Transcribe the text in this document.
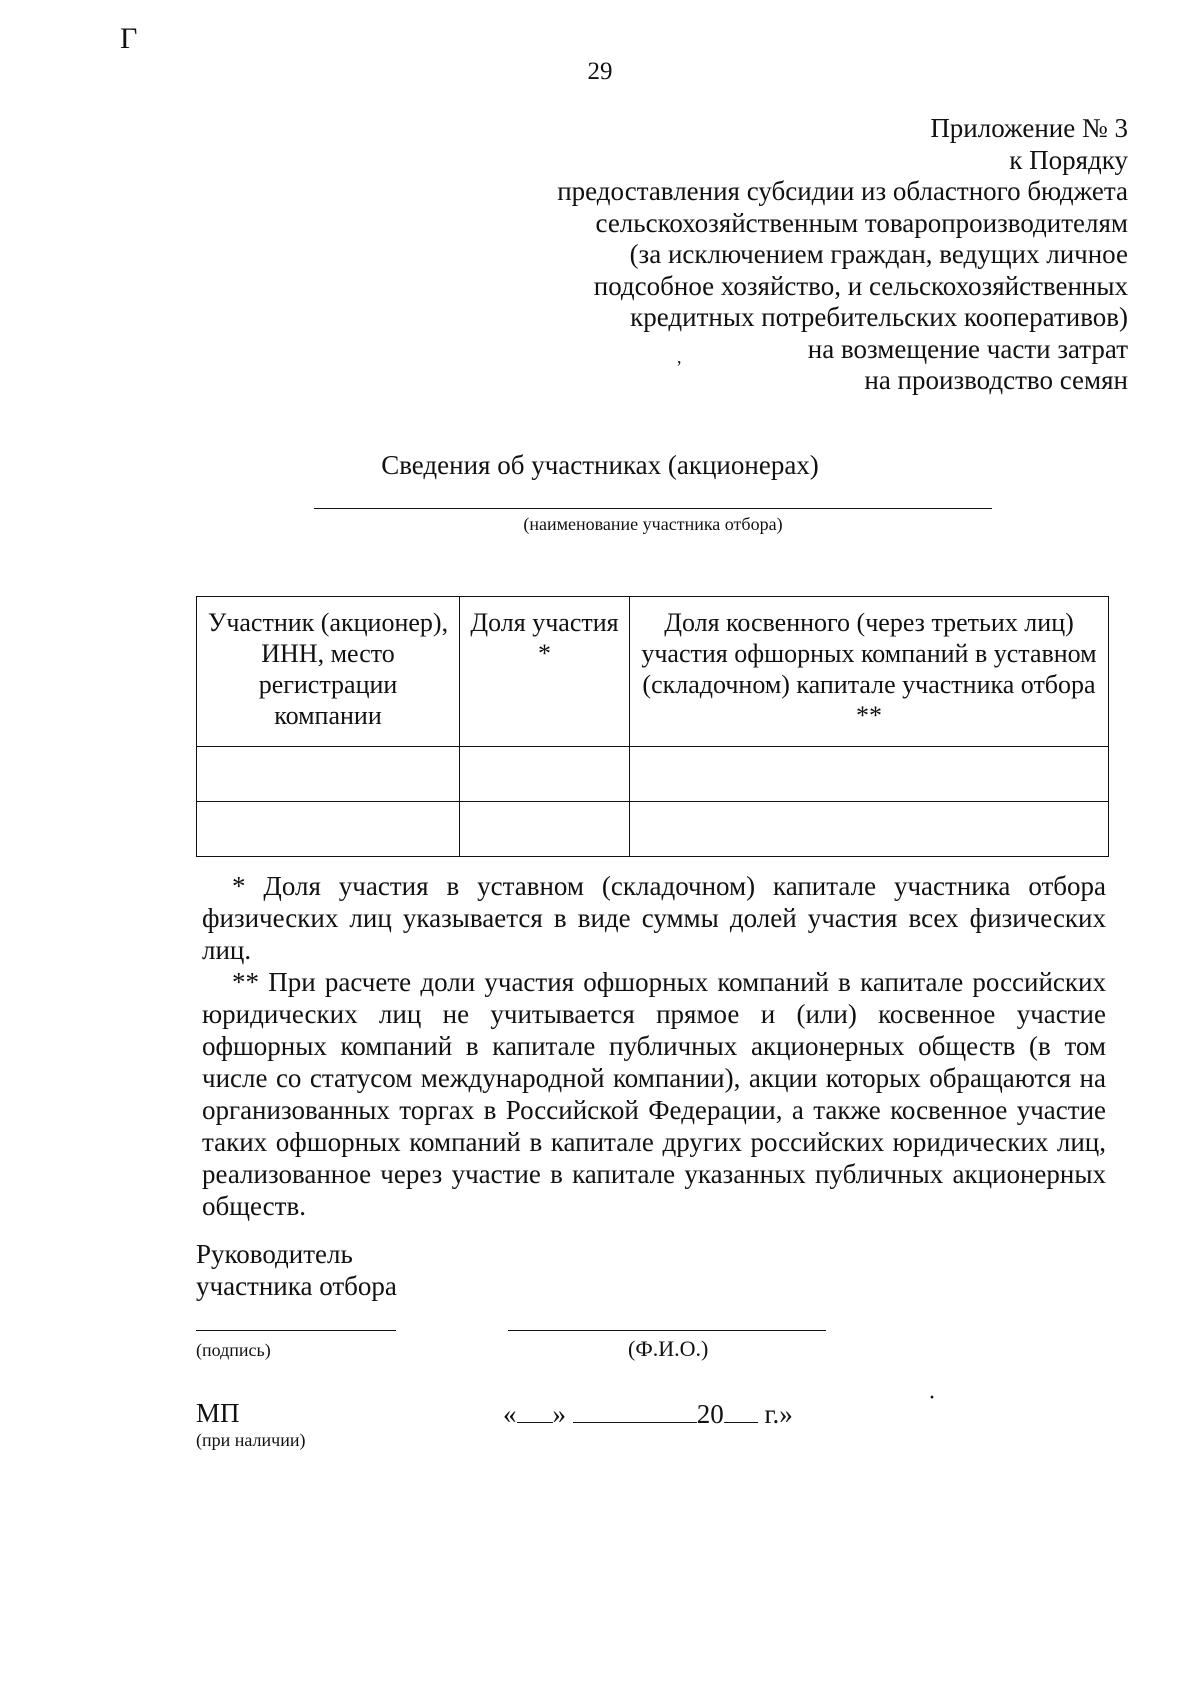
Г
29
,
·
Приложение № 3
к Порядку
предоставления субсидии из областного бюджета
сельскохозяйственным товаропроизводителям
(за исключением граждан, ведущих личное
подсобное хозяйство, и сельскохозяйственных
кредитных потребительских кооперативов)
на возмещение части затрат
на производство семян
Сведения об участниках (акционерах)
(наименование участника отбора)
Участник (акционер), ИНН, место регистрации компании	Доля участия *	Доля косвенного (через третьих лиц) участия офшорных компаний в уставном (складочном) капитале участника отбора **

* Доля участия в уставном (складочном) капитале участника отбора физических лиц указывается в виде суммы долей участия всех физических лиц.

** При расчете доли участия офшорных компаний в капитале российских юридических лиц не учитывается прямое и (или) косвенное участие офшорных компаний в капитале публичных акционерных обществ (в том числе со статусом международной компании), акции которых обращаются на организованных торгах в Российской Федерации, а также косвенное участие таких офшорных компаний в капитале других российских юридических лиц, реализованное через участие в капитале указанных публичных акционерных обществ.

Руководитель
участника отбора
(подпись)	(Ф.И.О.)
МП
(при наличии)
« »	20 г.»
